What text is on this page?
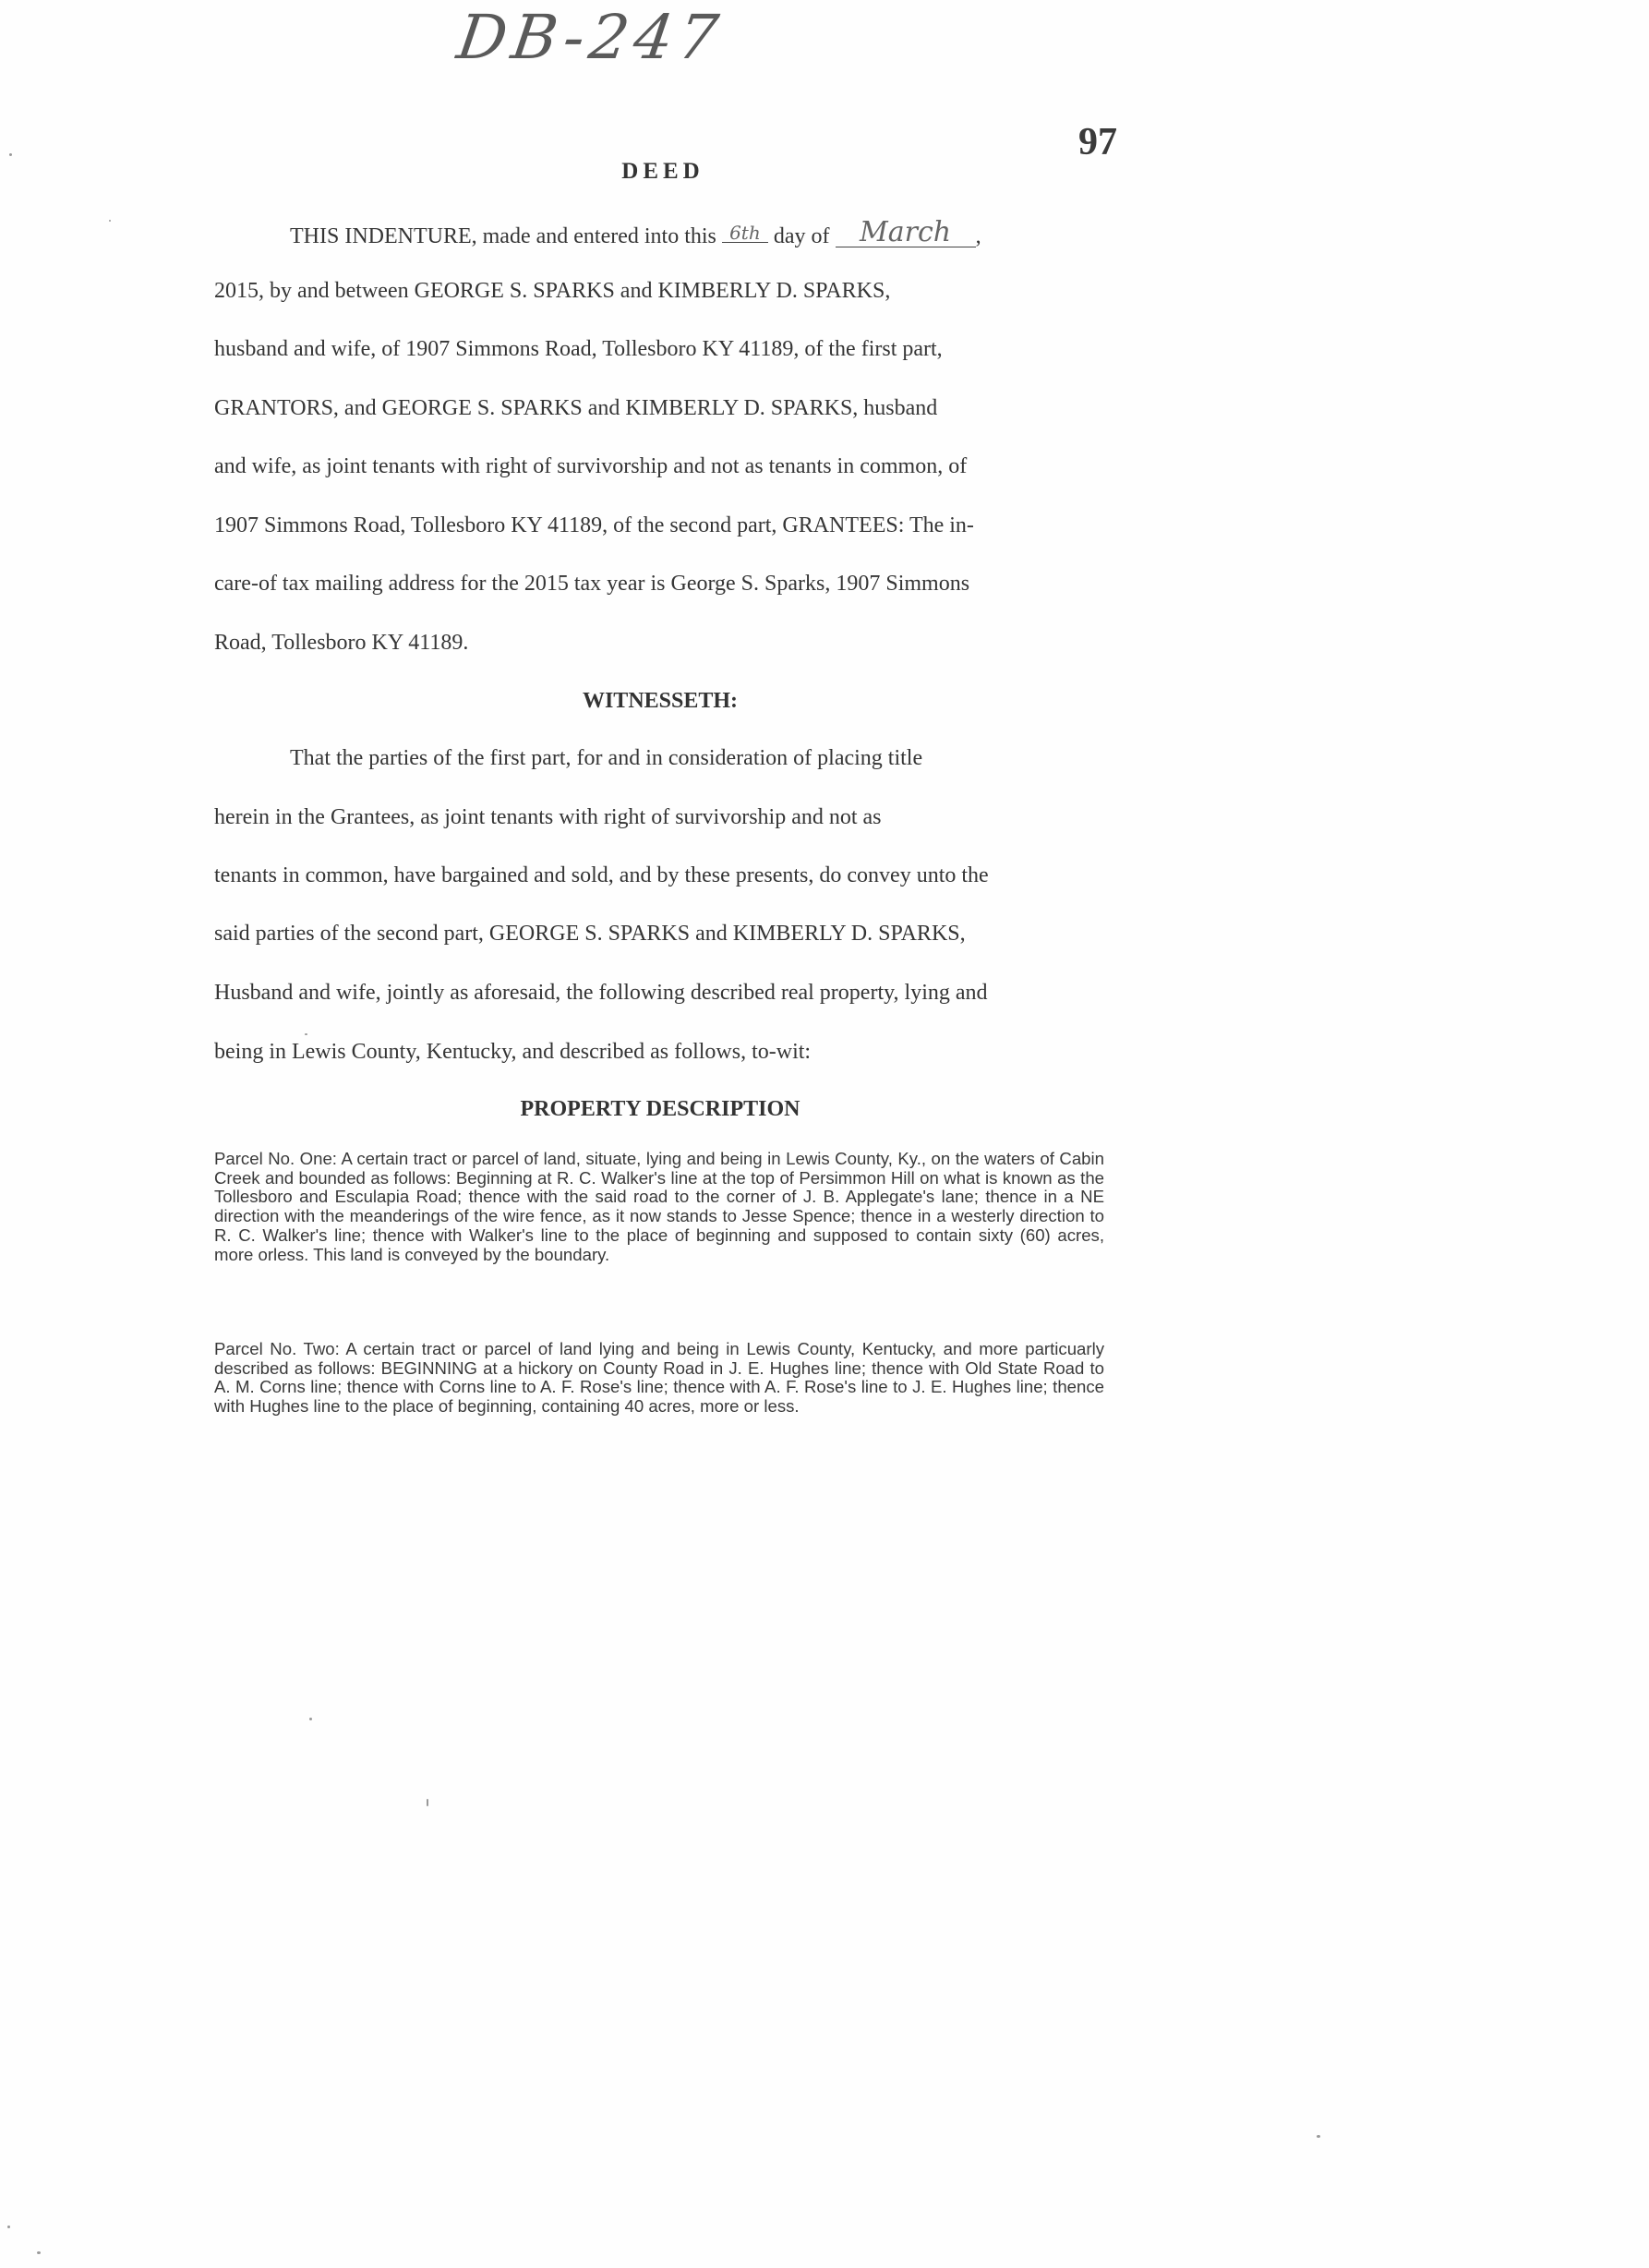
DB-247
97
DEED
THIS INDENTURE, made and entered into this 6th day of March ,
2015, by and between GEORGE S. SPARKS and KIMBERLY D. SPARKS,
husband and wife, of 1907 Simmons Road, Tollesboro KY 41189, of the first part,
GRANTORS, and GEORGE S. SPARKS and KIMBERLY D. SPARKS, husband
and wife, as joint tenants with right of survivorship and not as tenants in common, of
1907 Simmons Road, Tollesboro KY 41189, of the second part, GRANTEES: The in-
care-of tax mailing address for the 2015 tax year is George S. Sparks, 1907 Simmons
Road, Tollesboro KY 41189.
WITNESSETH:
That the parties of the first part, for and in consideration of placing title
herein in the Grantees, as joint tenants with right of survivorship and not as
tenants in common, have bargained and sold, and by these presents, do convey unto the
said parties of the second part, GEORGE S. SPARKS and KIMBERLY D. SPARKS,
Husband and wife, jointly as aforesaid, the following described real property, lying and
being in Lewis County, Kentucky, and described as follows, to-wit:
PROPERTY DESCRIPTION
Parcel No. One: A certain tract or parcel of land, situate, lying and being in Lewis County, Ky., on the waters of Cabin Creek and bounded as follows: Beginning at R. C. Walker's line at the top of Persimmon Hill on what is known as the Tollesboro and Esculapia Road; thence with the said road to the corner of J. B. Applegate's lane; thence in a NE direction with the meanderings of the wire fence, as it now stands to Jesse Spence; thence in a westerly direction to R. C. Walker's line; thence with Walker's line to the place of beginning and supposed to contain sixty (60) acres, more orless. This land is conveyed by the boundary.
Parcel No. Two: A certain tract or parcel of land lying and being in Lewis County, Kentucky, and more particuarly described as follows: BEGINNING at a hickory on County Road in J. E. Hughes line; thence with Old State Road to A. M. Corns line; thence with Corns line to A. F. Rose's line; thence with A. F. Rose's line to J. E. Hughes line; thence with Hughes line to the place of beginning, containing 40 acres, more or less.
